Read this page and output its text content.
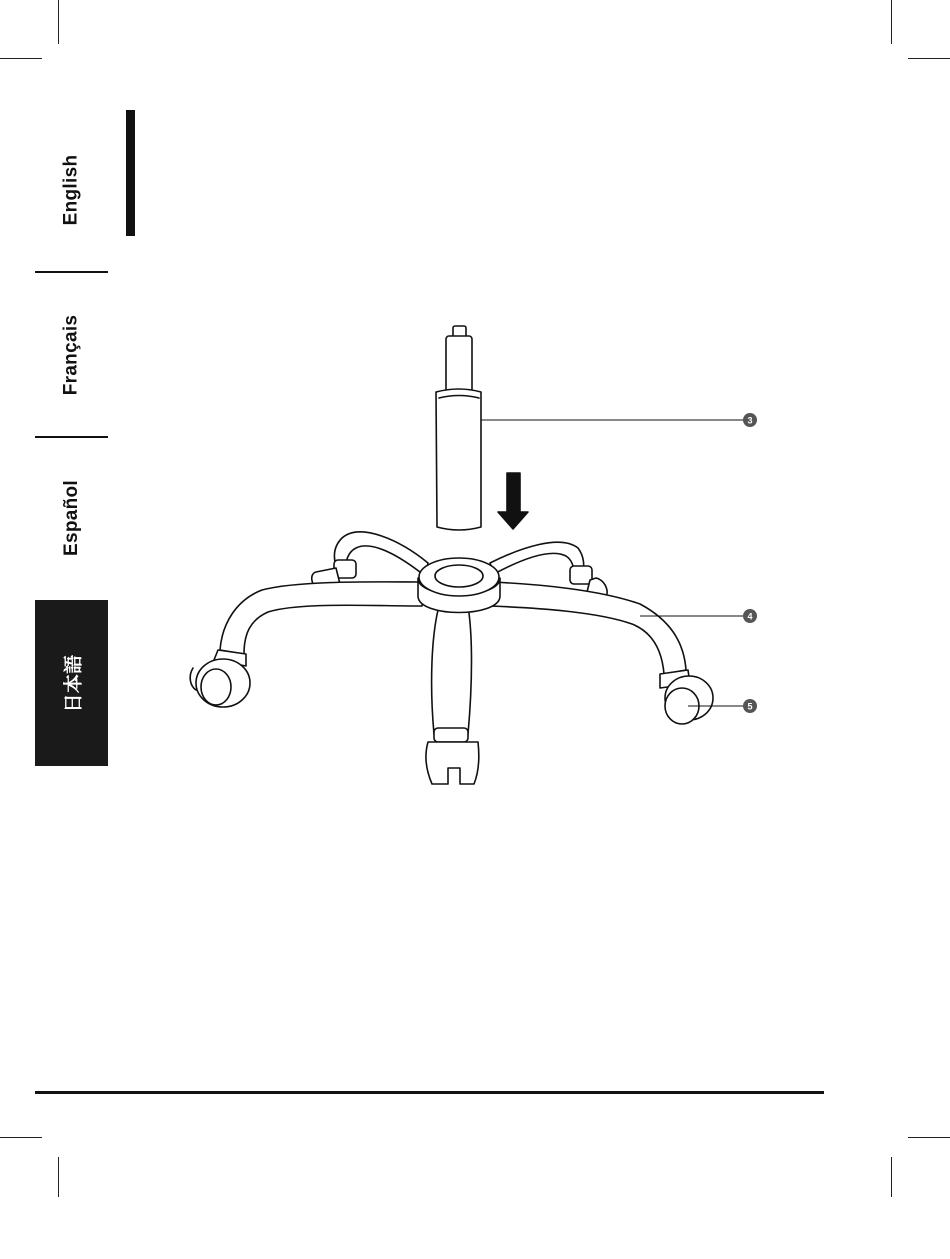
English
Français
Español
日本語
3
4
5
